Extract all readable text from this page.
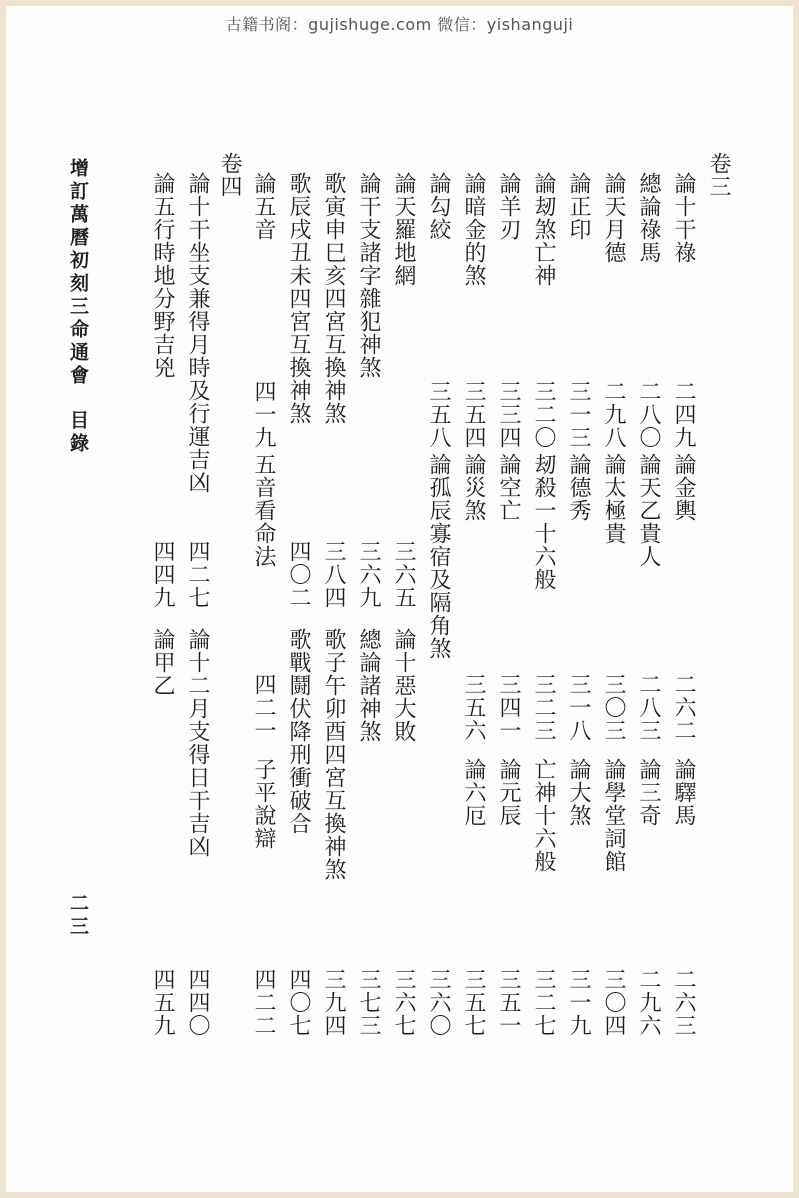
古籍书阁：gujishuge.com 微信：yishanguji
增訂萬曆初刻三命通會
目錄
二三
卷三
卷四	論十干祿
二四九
論金輿
二六二
論驛馬
二六三
總論祿馬
二八〇
論天乙貴人
二八三
論三奇
二九六
論天月德
二九八
論太極貴
三〇三
論學堂詞館
三〇四
論正印
三一三
論德秀
三一八
論大煞
三一九
論刼煞亡神
三二〇
刼殺一十六般
三二三
亡神十六般
三二七
論羊刃
三三四
論空亡
三四一
論元辰
三五一
論暗金的煞
三五四
論災煞
三五六
論六厄
三五七
論勾絞
三五八
論孤辰寡宿及隔角煞
三六〇
論天羅地網
三六五
論十惡大敗
三六七
論干支諸字雜犯神煞
三六九
總論諸神煞
三七三
歌寅申巳亥四宮互換神煞
三八四
歌子午卯酉四宮互換神煞
三九四
歌辰戌丑未四宮互換神煞
四〇二
歌戰鬪伏降刑衝破合
四〇七
論五音
四一九
五音看命法
四二一
子平說辯
四二二
論十干坐支兼得月時及行運吉凶
四二七
論十二月支得日干吉凶
四四〇
論五行時地分野吉兇
四四九
論甲乙
四五九
